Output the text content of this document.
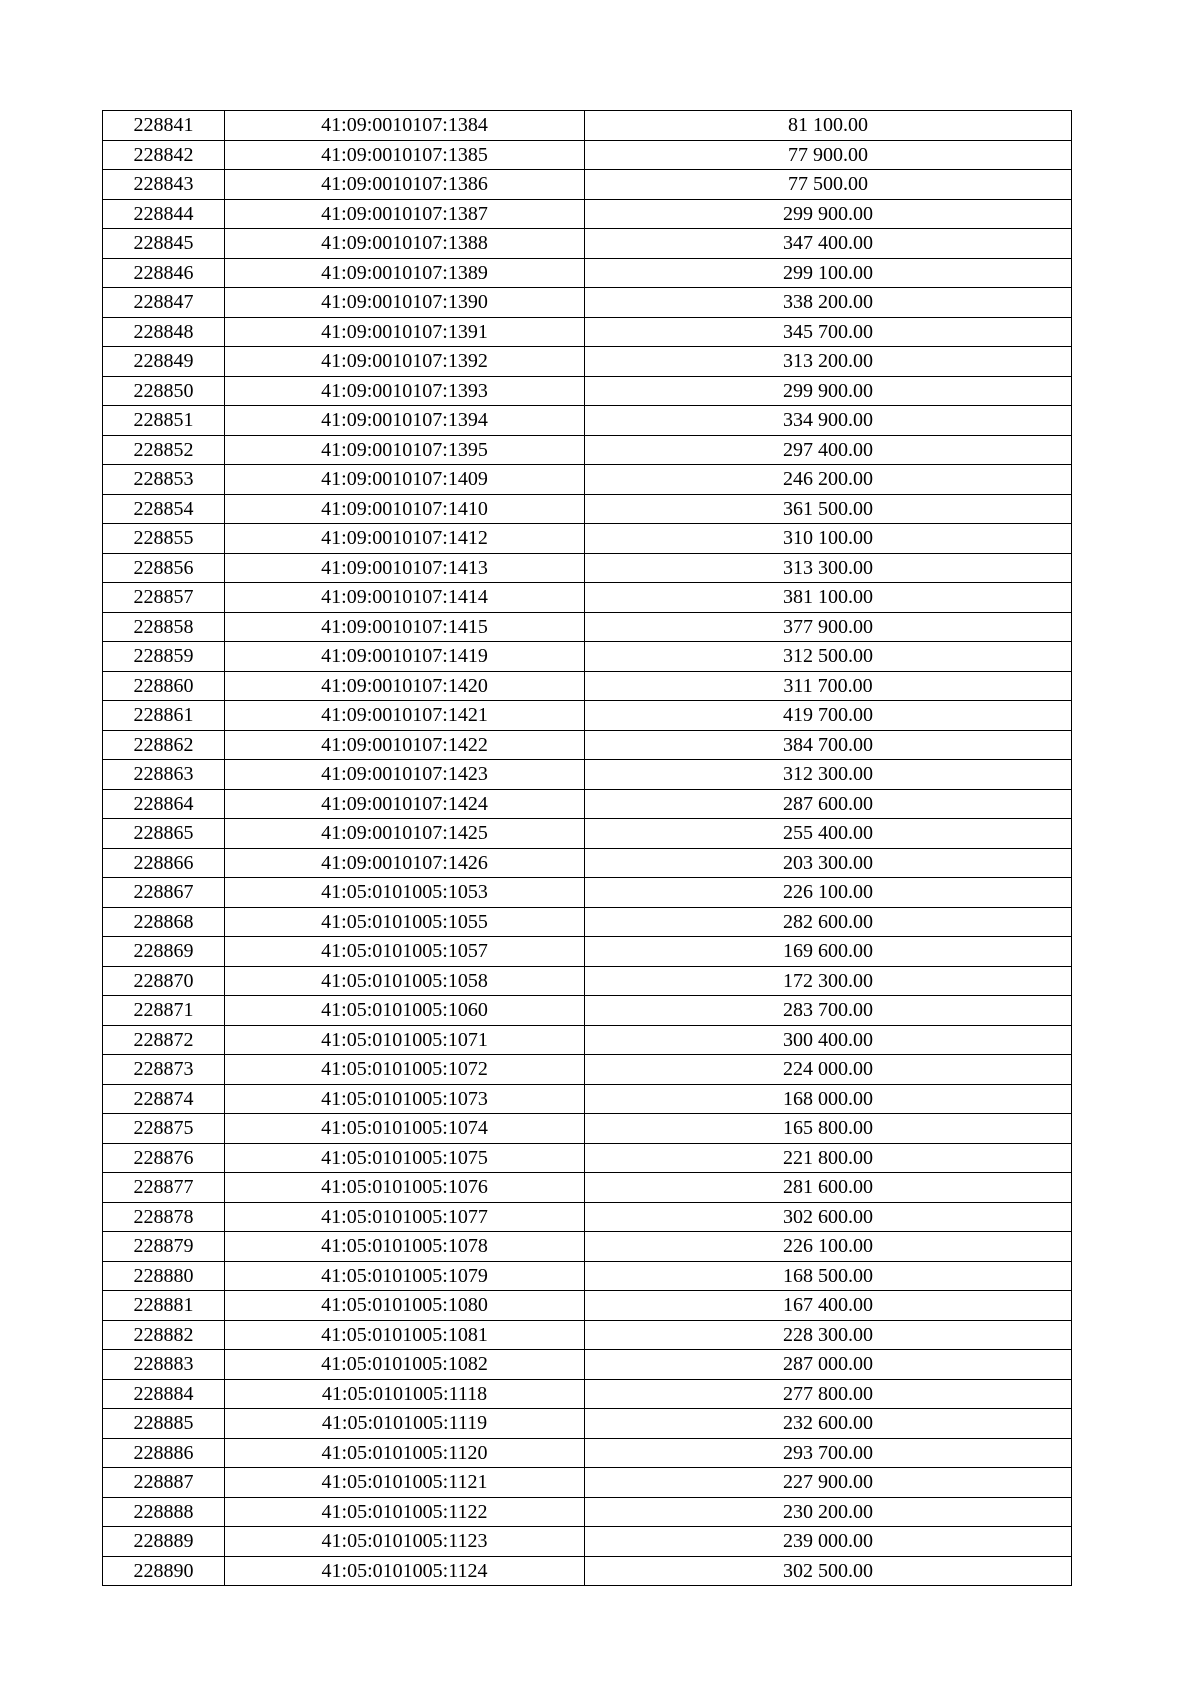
228841	41:09:0010107:1384	81 100.00
228842	41:09:0010107:1385	77 900.00
228843	41:09:0010107:1386	77 500.00
228844	41:09:0010107:1387	299 900.00
228845	41:09:0010107:1388	347 400.00
228846	41:09:0010107:1389	299 100.00
228847	41:09:0010107:1390	338 200.00
228848	41:09:0010107:1391	345 700.00
228849	41:09:0010107:1392	313 200.00
228850	41:09:0010107:1393	299 900.00
228851	41:09:0010107:1394	334 900.00
228852	41:09:0010107:1395	297 400.00
228853	41:09:0010107:1409	246 200.00
228854	41:09:0010107:1410	361 500.00
228855	41:09:0010107:1412	310 100.00
228856	41:09:0010107:1413	313 300.00
228857	41:09:0010107:1414	381 100.00
228858	41:09:0010107:1415	377 900.00
228859	41:09:0010107:1419	312 500.00
228860	41:09:0010107:1420	311 700.00
228861	41:09:0010107:1421	419 700.00
228862	41:09:0010107:1422	384 700.00
228863	41:09:0010107:1423	312 300.00
228864	41:09:0010107:1424	287 600.00
228865	41:09:0010107:1425	255 400.00
228866	41:09:0010107:1426	203 300.00
228867	41:05:0101005:1053	226 100.00
228868	41:05:0101005:1055	282 600.00
228869	41:05:0101005:1057	169 600.00
228870	41:05:0101005:1058	172 300.00
228871	41:05:0101005:1060	283 700.00
228872	41:05:0101005:1071	300 400.00
228873	41:05:0101005:1072	224 000.00
228874	41:05:0101005:1073	168 000.00
228875	41:05:0101005:1074	165 800.00
228876	41:05:0101005:1075	221 800.00
228877	41:05:0101005:1076	281 600.00
228878	41:05:0101005:1077	302 600.00
228879	41:05:0101005:1078	226 100.00
228880	41:05:0101005:1079	168 500.00
228881	41:05:0101005:1080	167 400.00
228882	41:05:0101005:1081	228 300.00
228883	41:05:0101005:1082	287 000.00
228884	41:05:0101005:1118	277 800.00
228885	41:05:0101005:1119	232 600.00
228886	41:05:0101005:1120	293 700.00
228887	41:05:0101005:1121	227 900.00
228888	41:05:0101005:1122	230 200.00
228889	41:05:0101005:1123	239 000.00
228890	41:05:0101005:1124	302 500.00
